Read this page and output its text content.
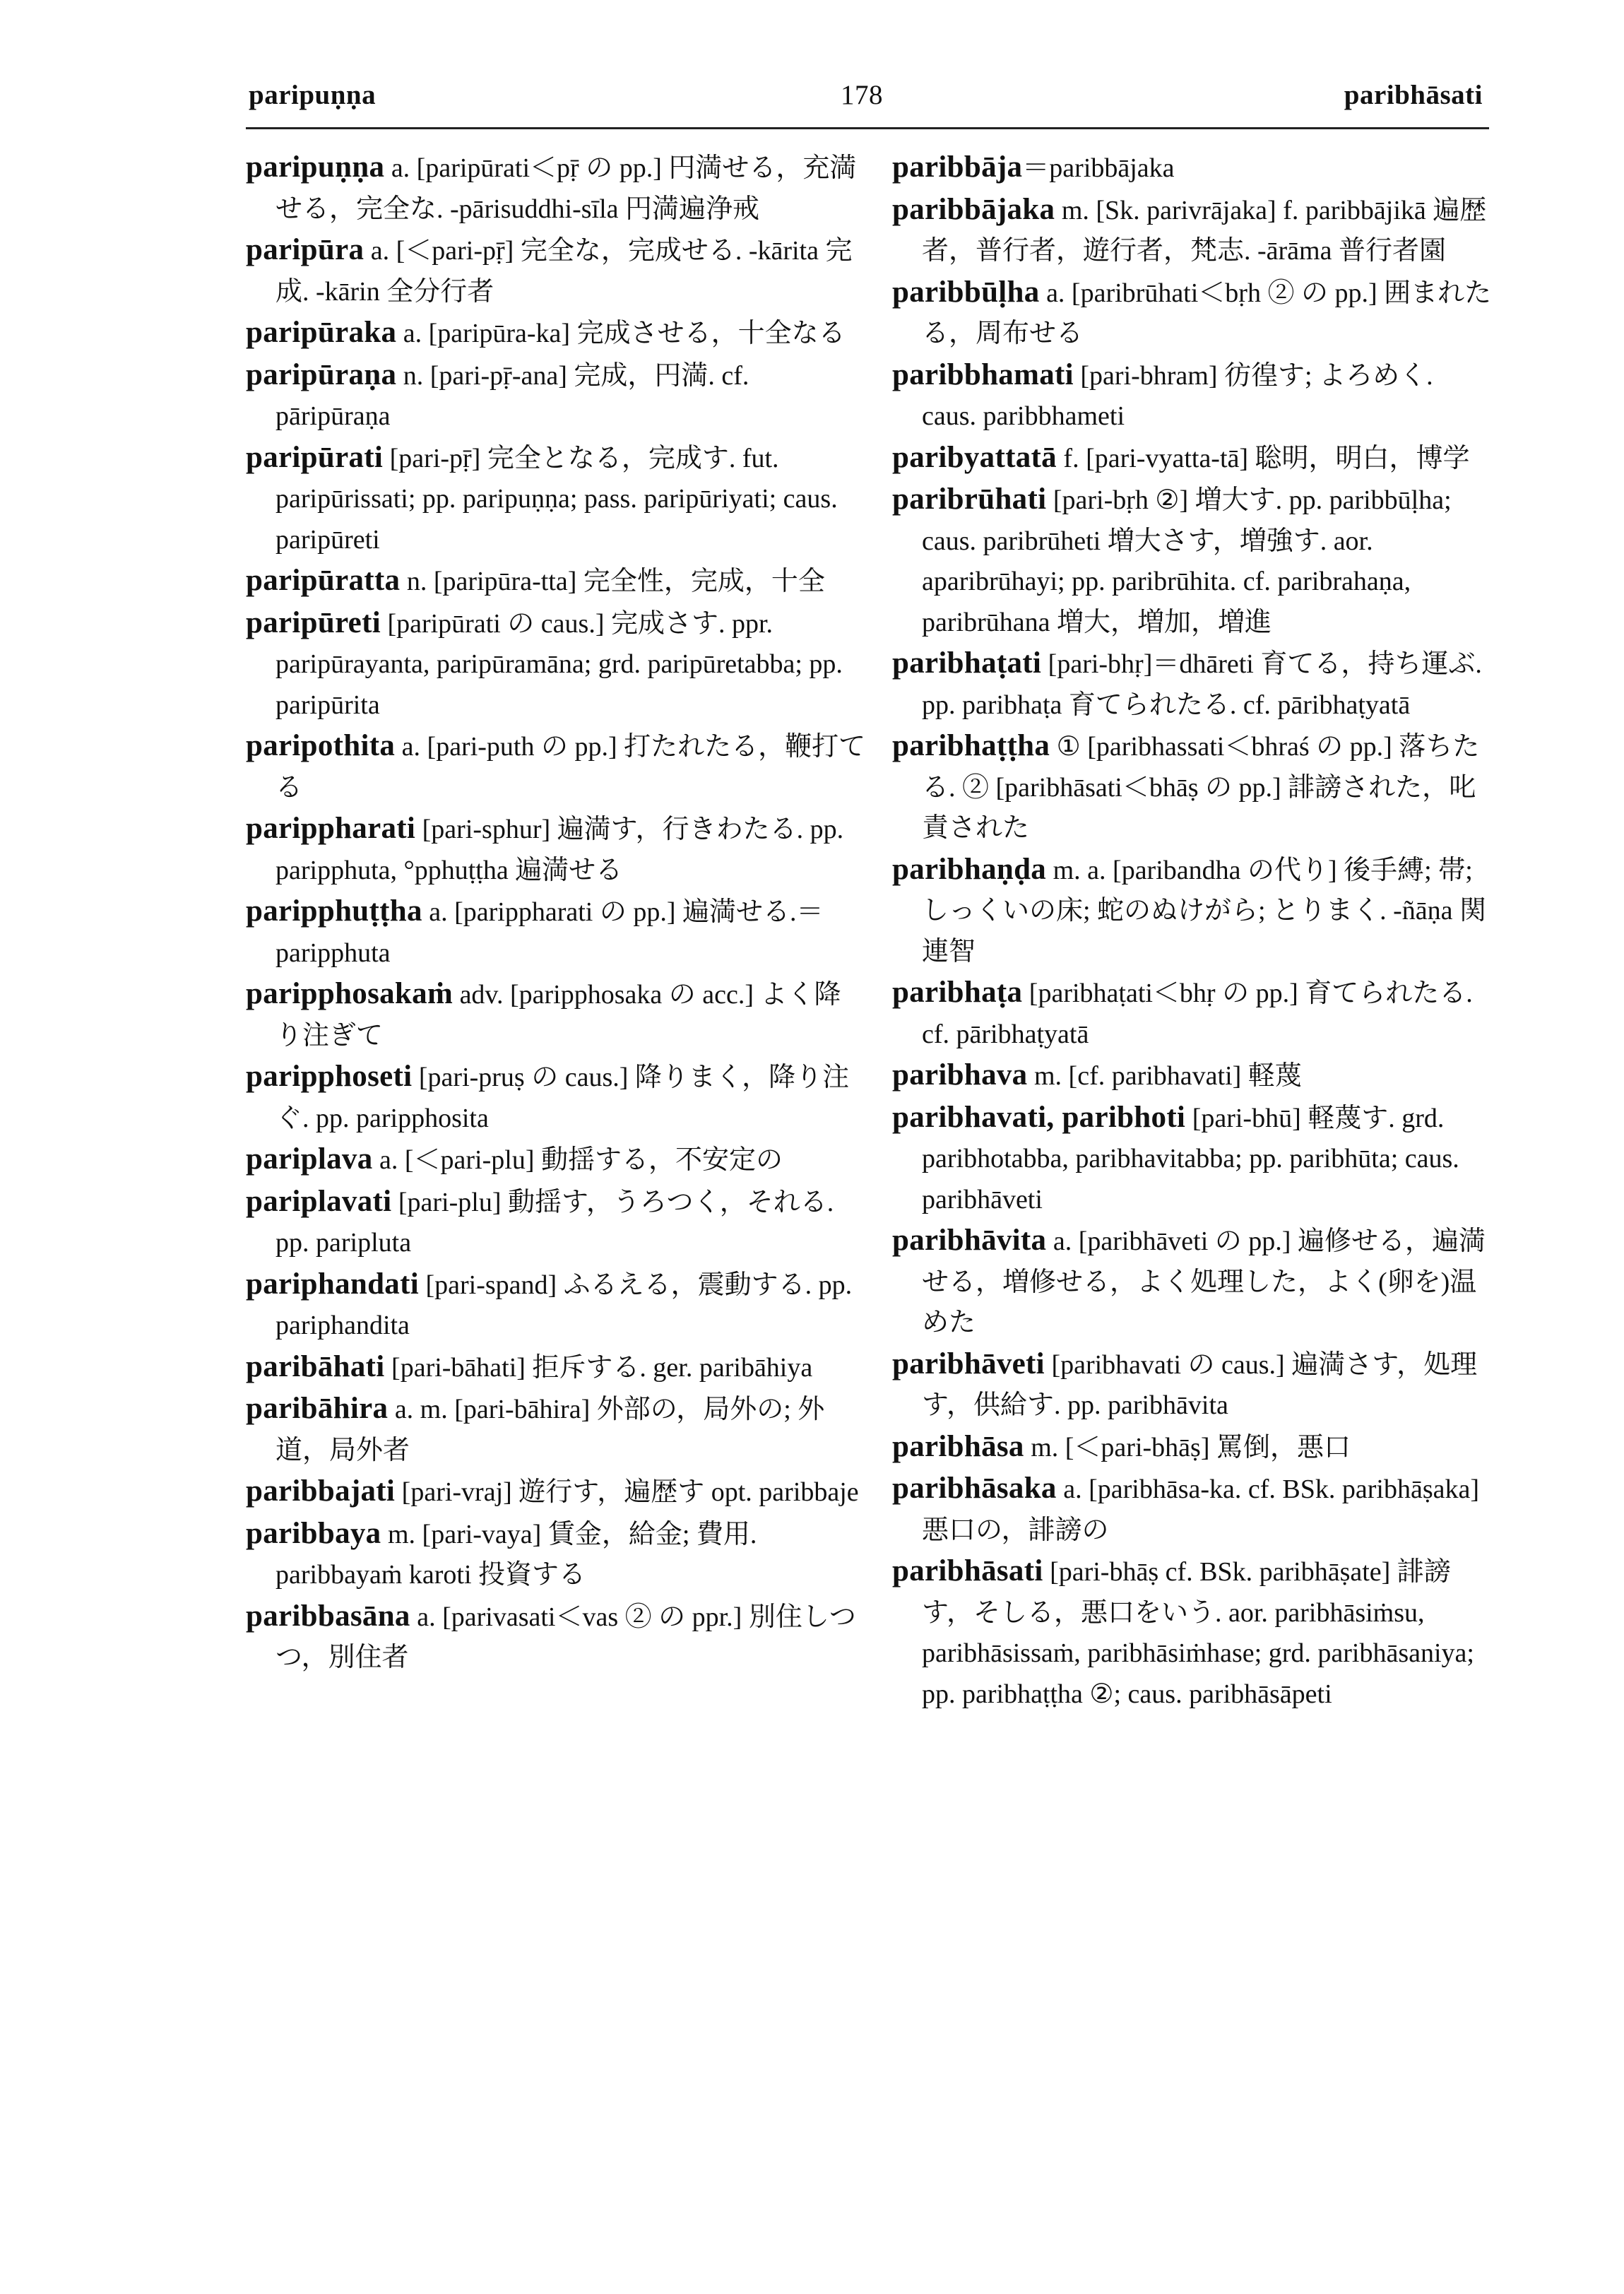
paripuṇṇa	178	paribhāsati

paripuṇṇa a. [paripūrati＜pṝ の pp.] 円満せる，充満せる，完全な. -pārisuddhi-sīla 円満遍浄戒

paripūra a. [＜pari-pṝ] 完全な，完成せる. -kārita 完成. -kārin 全分行者

paripūraka a. [paripūra-ka] 完成させる，十全なる

paripūraṇa n. [pari-pṝ-ana] 完成，円満. cf. pāripūraṇa

paripūrati [pari-pṝ] 完全となる，完成す. fut. paripūrissati; pp. paripuṇṇa; pass. paripūriyati; caus. paripūreti

paripūratta n. [paripūra-tta] 完全性，完成，十全

paripūreti [paripūrati の caus.] 完成さす. ppr. paripūrayanta, paripūramāna; grd. paripūretabba; pp. paripūrita

paripothita a. [pari-puth の pp.] 打たれたる，鞭打てる

parippharati [pari-sphur] 遍満す，行きわたる. pp. paripphuta, °pphuṭṭha 遍満せる

paripphuṭṭha a. [parippharati の pp.] 遍満せる.＝paripphuta

paripphosakaṁ adv. [paripphosaka の acc.] よく降り注ぎて

paripphoseti [pari-pruṣ の caus.] 降りまく，降り注ぐ. pp. paripphosita

pariplava a. [＜pari-plu] 動揺する，不安定の

pariplavati [pari-plu] 動揺す，うろつく，それる. pp. paripluta

pariphandati [pari-spand] ふるえる，震動する. pp. pariphandita

paribāhati [pari-bāhati] 拒斥する. ger. paribāhiya

paribāhira a. m. [pari-bāhira] 外部の，局外の; 外道，局外者

paribbajati [pari-vraj] 遊行す，遍歴す opt. paribbaje

paribbaya m. [pari-vaya] 賃金，給金; 費用. paribbayaṁ karoti 投資する

paribbasāna a. [parivasati＜vas ② の ppr.] 別住しつつ，別住者

paribbāja＝paribbājaka

paribbājaka m. [Sk. parivrājaka] f. paribbājikā 遍歴者，普行者，遊行者，梵志. -ārāma 普行者園

paribbūḷha a. [paribrūhati＜bṛh ② の pp.] 囲まれたる，周布せる

paribbhamati [pari-bhram] 彷徨す; よろめく. caus. paribbhameti

paribyattatā f. [pari-vyatta-tā] 聡明，明白，博学

paribrūhati [pari-bṛh ②] 増大す. pp. paribbūḷha; caus. paribrūheti 増大さす，増強す. aor. aparibrūhayi; pp. paribrūhita. cf. paribrahaṇa, paribrūhana 増大，増加，増進

paribhaṭati [pari-bhṛ]＝dhāreti 育てる，持ち運ぶ. pp. paribhaṭa 育てられたる. cf. pāribhaṭyatā

paribhaṭṭha ① [paribhassati＜bhraś の pp.] 落ちたる. ② [paribhāsati＜bhāṣ の pp.] 誹謗された，叱責された

paribhaṇḍa m. a. [paribandha の代り] 後手縛; 帯; しっくいの床; 蛇のぬけがら; とりまく. -ñāṇa 関連智

paribhaṭa [paribhaṭati＜bhṛ の pp.] 育てられたる. cf. pāribhaṭyatā

paribhava m. [cf. paribhavati] 軽蔑

paribhavati, paribhoti [pari-bhū] 軽蔑す. grd. paribhotabba, paribhavitabba; pp. paribhūta; caus. paribhāveti

paribhāvita a. [paribhāveti の pp.] 遍修せる，遍満せる，増修せる，よく処理した，よく(卵を)温めた

paribhāveti [paribhavati の caus.] 遍満さす，処理す，供給す. pp. paribhāvita

paribhāsa m. [＜pari-bhāṣ] 罵倒，悪口

paribhāsaka a. [paribhāsa-ka. cf. BSk. paribhāṣaka] 悪口の，誹謗の

paribhāsati [pari-bhāṣ cf. BSk. paribhāṣate] 誹謗す，そしる，悪口をいう. aor. paribhāsiṁsu, paribhāsissaṁ, paribhāsiṁhase; grd. paribhāsaniya; pp. paribhaṭṭha ②; caus. paribhāsāpeti
